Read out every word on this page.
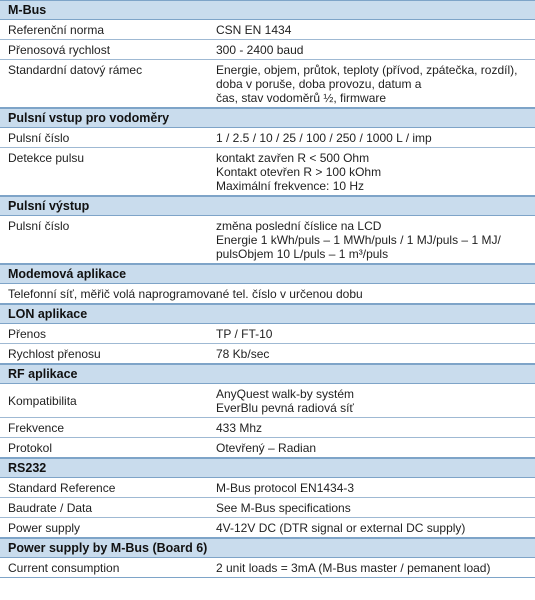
M-Bus
Referenční norma	CSN EN 1434
Přenosová rychlost	300 - 2400 baud
Standardní datový rámec	Energie, objem, průtok, teploty (přívod, zpátečka, rozdíl),
doba v poruše, doba provozu, datum a
čas, stav vodoměrů ½, firmware
Pulsní vstup pro vodoměry
Pulsní číslo	1 / 2.5 / 10 / 25 / 100 / 250 / 1000 L / imp
Detekce pulsu	kontakt zavřen R < 500 Ohm
Kontakt otevřen R > 100 kOhm
Maximální frekvence: 10 Hz
Pulsní výstup
Pulsní číslo	změna poslední číslice na LCD
Energie 1 kWh/puls – 1 MWh/puls / 1 MJ/puls – 1 MJ/
pulsObjem 10 L/puls – 1 m³/puls
Modemová aplikace
Telefonní síť, měřič volá naprogramované tel. číslo v určenou dobu
LON aplikace
Přenos	TP / FT-10
Rychlost přenosu	78 Kb/sec
RF aplikace
Kompatibilita	AnyQuest walk-by systém
EverBlu pevná radiová síť
Frekvence	433 Mhz
Protokol	Otevřený – Radian
RS232
Standard Reference	M-Bus protocol EN1434-3
Baudrate / Data	See M-Bus specifications
Power supply	4V-12V DC (DTR signal or external DC supply)
Power supply by M-Bus (Board 6)
Current consumption	2 unit loads = 3mA (M-Bus master / pemanent load)
